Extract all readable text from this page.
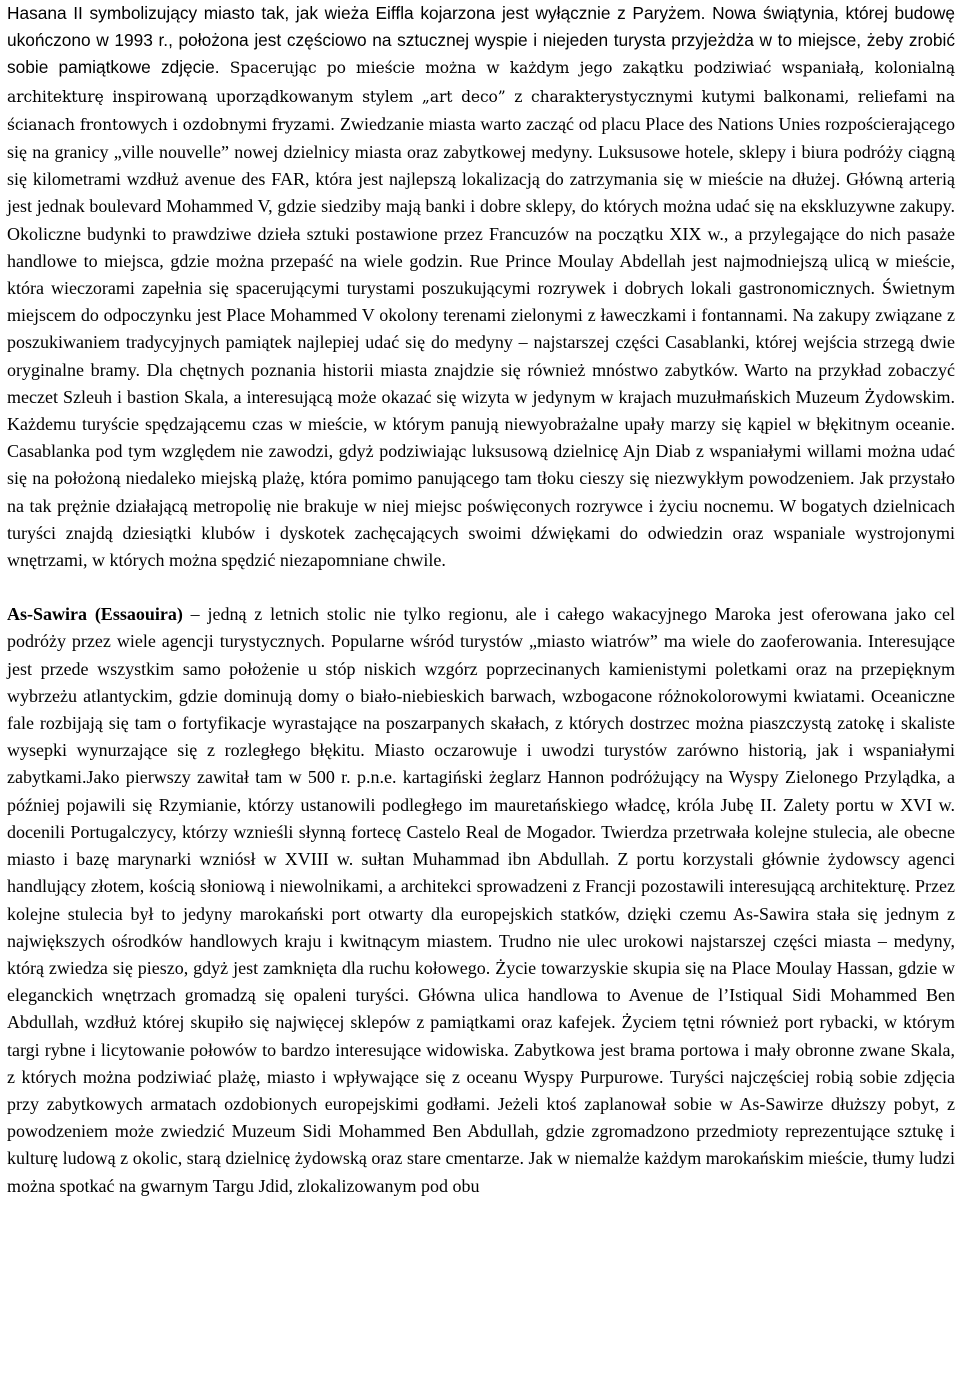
Hasana II symbolizujący miasto tak, jak wieża Eiffla kojarzona jest wyłącznie z Paryżem. Nowa świątynia, której budowę ukończono w 1993 r., położona jest częściowo na sztucznej wyspie i niejeden turysta przyjeżdża w to miejsce, żeby zrobić sobie pamiątkowe zdjęcie. Spacerując po mieście można w każdym jego zakątku podziwiać wspaniałą, kolonialną architekturę inspirowaną uporządkowanym stylem „art deco” z charakterystycznymi kutymi balkonami, reliefami na ścianach frontowych i ozdobnymi fryzami. Zwiedzanie miasta warto zacząć od placu Place des Nations Unies rozpościerającego się na granicy „ville nouvelle” nowej dzielnicy miasta oraz zabytkowej medyny. Luksusowe hotele, sklepy i biura podróży ciągną się kilometrami wzdłuż avenue des FAR, która jest najlepszą lokalizacją do zatrzymania się w mieście na dłużej. Główną arterią jest jednak boulevard Mohammed V, gdzie siedziby mają banki i dobre sklepy, do których można udać się na ekskluzywne zakupy. Okoliczne budynki to prawdziwe dzieła sztuki postawione przez Francuzów na początku XIX w., a przylegające do nich pasaże handlowe to miejsca, gdzie można przepaść na wiele godzin. Rue Prince Moulay Abdellah jest najmodniejszą ulicą w mieście, która wieczorami zapełnia się spacerującymi turystami poszukującymi rozrywek i dobrych lokali gastronomicznych. Świetnym miejscem do odpoczynku jest Place Mohammed V okolony terenami zielonymi z ławeczkami i fontannami. Na zakupy związane z poszukiwaniem tradycyjnych pamiątek najlepiej udać się do medyny – najstarszej części Casablanki, której wejścia strzegą dwie oryginalne bramy. Dla chętnych poznania historii miasta znajdzie się również mnóstwo zabytków. Warto na przykład zobaczyć meczet Szleuh i bastion Skala, a interesującą może okazać się wizyta w jedynym w krajach muzułmańskich Muzeum Żydowskim. Każdemu turyście spędzającemu czas w mieście, w którym panują niewyobrażalne upały marzy się kąpiel w błękitnym oceanie. Casablanka pod tym względem nie zawodzi, gdyż podziwiając luksusową dzielnicę Ajn Diab z wspaniałymi willami można udać się na położoną niedaleko miejską plażę, która pomimo panującego tam tłoku cieszy się niezwykłym powodzeniem. Jak przystało na tak prężnie działającą metropolię nie brakuje w niej miejsc poświęconych rozrywce i życiu nocnemu. W bogatych dzielnicach turyści znajdą dziesiątki klubów i dyskotek zachęcających swoimi dźwiękami do odwiedzin oraz wspaniale wystrojonymi wnętrzami, w których można spędzić niezapomniane chwile.

As-Sawira (Essaouira) – jedną z letnich stolic nie tylko regionu, ale i całego wakacyjnego Maroka jest oferowana jako cel podróży przez wiele agencji turystycznych. Popularne wśród turystów „miasto wiatrów” ma wiele do zaoferowania. Interesujące jest przede wszystkim samo położenie u stóp niskich wzgórz poprzecinanych kamienistymi poletkami oraz na przepięknym wybrzeżu atlantyckim, gdzie dominują domy o biało-niebieskich barwach, wzbogacone różnokolorowymi kwiatami. Oceaniczne fale rozbijają się tam o fortyfikacje wyrastające na poszarpanych skałach, z których dostrzec można piaszczystą zatokę i skaliste wysepki wynurzające się z rozległego błękitu. Miasto oczarowuje i uwodzi turystów zarówno historią, jak i wspaniałymi zabytkami.Jako pierwszy zawitał tam w 500 r. p.n.e. kartagiński żeglarz Hannon podróżujący na Wyspy Zielonego Przylądka, a później pojawili się Rzymianie, którzy ustanowili podległego im mauretańskiego władcę, króla Jubę II. Zalety portu w XVI w. docenili Portugalczycy, którzy wznieśli słynną fortecę Castelo Real de Mogador. Twierdza przetrwała kolejne stulecia, ale obecne miasto i bazę marynarki wzniósł w XVIII w. sułtan Muhammad ibn Abdullah. Z portu korzystali głównie żydowscy agenci handlujący złotem, kością słoniową i niewolnikami, a architekci sprowadzeni z Francji pozostawili interesującą architekturę. Przez kolejne stulecia był to jedyny marokański port otwarty dla europejskich statków, dzięki czemu As-Sawira stała się jednym z największych ośrodków handlowych kraju i kwitnącym miastem. Trudno nie ulec urokowi najstarszej części miasta – medyny, którą zwiedza się pieszo, gdyż jest zamknięta dla ruchu kołowego. Życie towarzyskie skupia się na Place Moulay Hassan, gdzie w eleganckich wnętrzach gromadzą się opaleni turyści. Główna ulica handlowa to Avenue de l’Istiqual Sidi Mohammed Ben Abdullah, wzdłuż której skupiło się najwięcej sklepów z pamiątkami oraz kafejek. Życiem tętni również port rybacki, w którym targi rybne i licytowanie połowów to bardzo interesujące widowiska. Zabytkowa jest brama portowa i mały obronne zwane Skala, z których można podziwiać plażę, miasto i wpływające się z oceanu Wyspy Purpurowe. Turyści najczęściej robią sobie zdjęcia przy zabytkowych armatach ozdobionych europejskimi godłami. Jeżeli ktoś zaplanował sobie w As-Sawirze dłuższy pobyt, z powodzeniem może zwiedzić Muzeum Sidi Mohammed Ben Abdullah, gdzie zgromadzono przedmioty reprezentujące sztukę i kulturę ludową z okolic, starą dzielnicę żydowską oraz stare cmentarze. Jak w niemalże każdym marokańskim mieście, tłumy ludzi można spotkać na gwarnym Targu Jdid, zlokalizowanym pod obu
